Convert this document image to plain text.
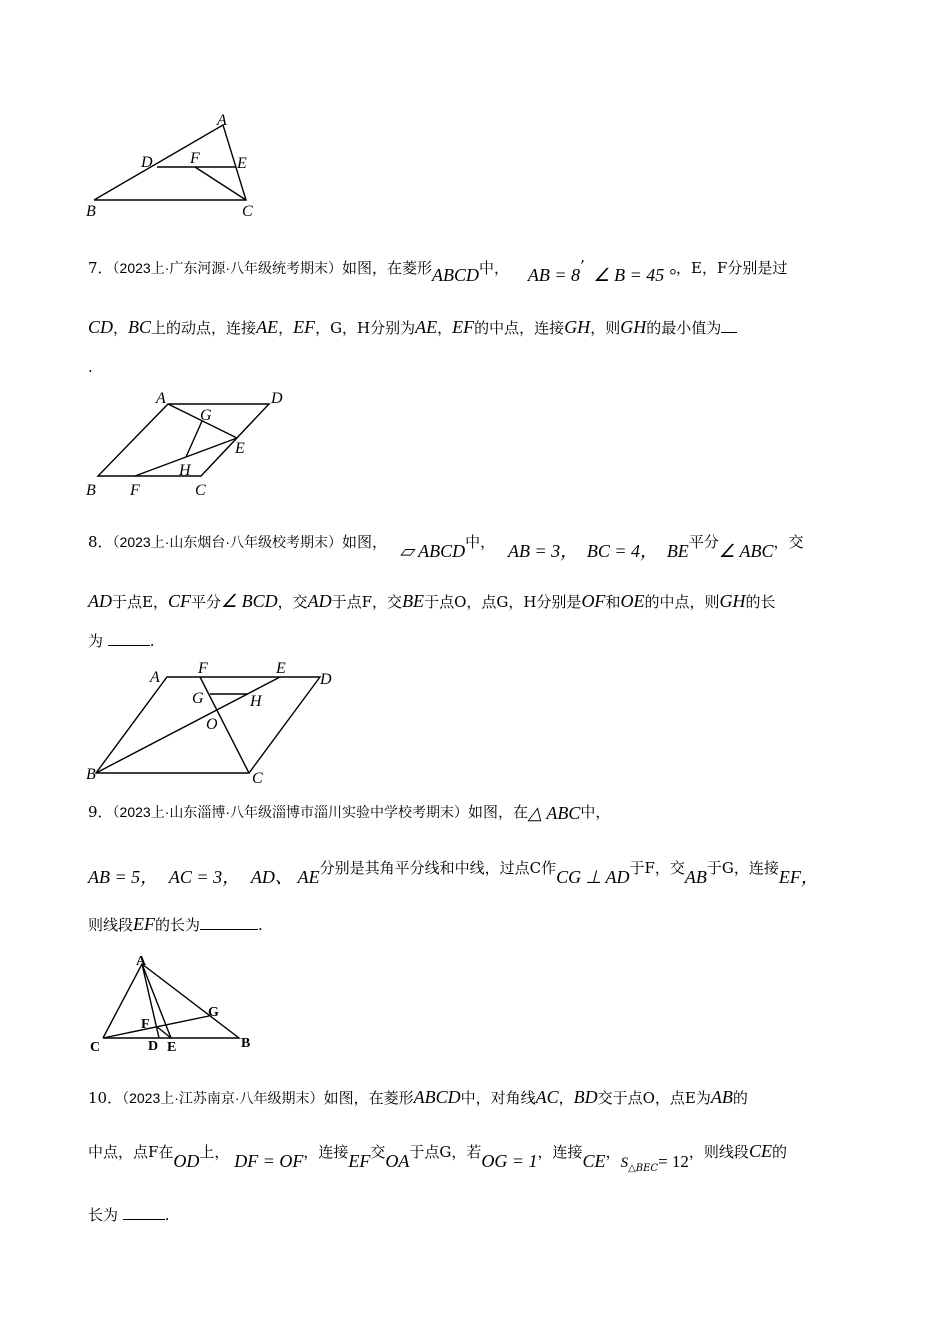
A
D F E
B	C
7．（2023上·广东河源·八年级统考期末）如图，在菱形ABCD中， AB = 8’ ∠ B = 45 °，E，F分别是过
CD，BC上的动点，连接AE，EF，G，H分别为AE，EF的中点，连接GH，则GH的最小值为
.
A	D
G
E
H
B F	C
8．（2023上·山东烟台·八年级校考期末）如图， ▱ ABCD中， AB = 3， BC = 4， BE平分∠ ABC，交
AD于点E，CF平分∠ BCD，交AD于点F，交BE于点O，点G，H分别是OF和OE的中点，则GH的长
为	.
A
F	E
D
G	H
O
B	C
9．（2023上·山东淄博·八年级淄博市淄川实验中学校考期末）如图，在△ ABC中，
AB = 5， AC = 3， AD、 AE分别是其角平分线和中线，过点C作CG ⊥ AD于F，交AB于G，连接EF，
则线段EF的长为	.
A
G
F
C	D E	B
10．（2023上·江苏南京·八年级期末）如图，在菱形ABCD中，对角线AC，BD交于点O，点E为AB的
中点，点F在OD上， DF = OF，连接EF交OA于点G，若OG = 1，连接CE，$S_{\triangle BEC}= 12$，则线段CE的
长为	.
